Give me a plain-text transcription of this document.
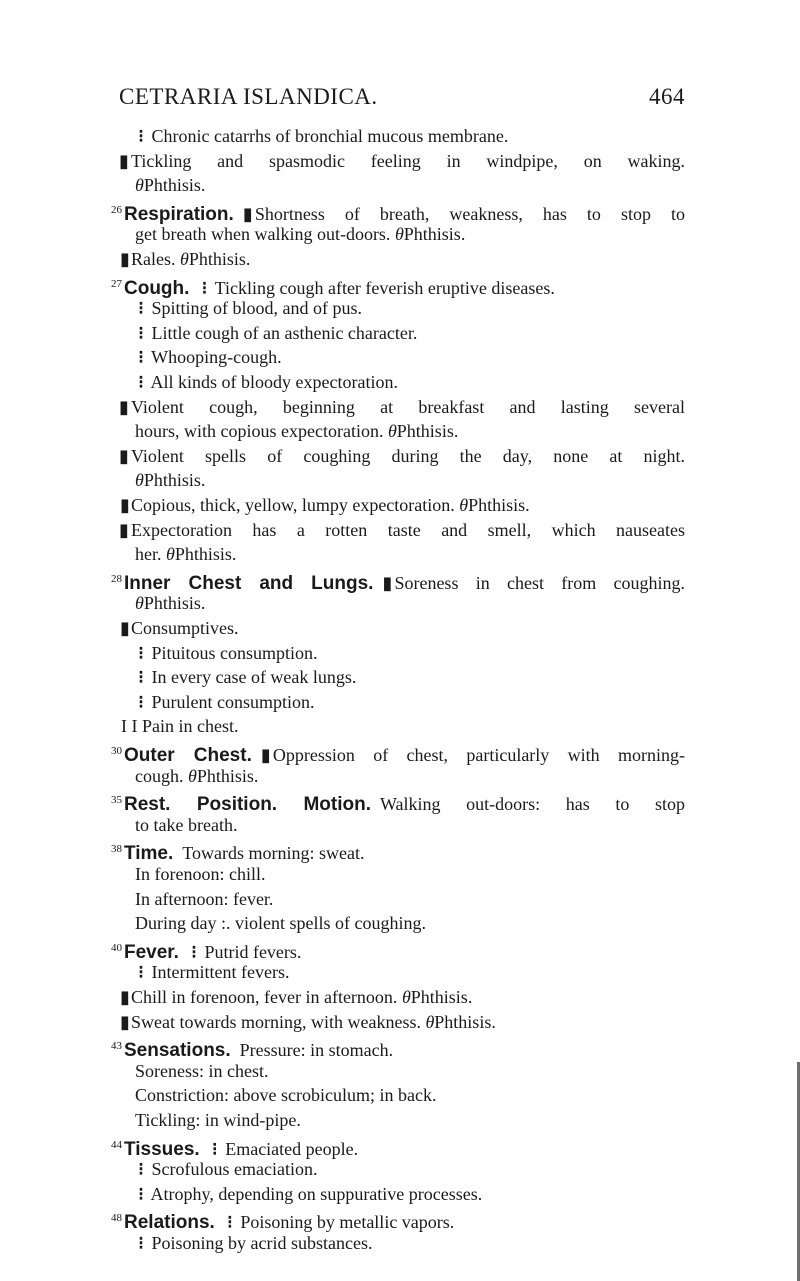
CETRARIA ISLANDICA.	464
⁝ Chronic catarrhs of bronchial mucous membrane.
▮ Tickling and spasmodic feeling in windpipe, on waking.
θPhthisis.
$^{26}$ Respiration.  ▮ Shortness of breath, weakness, has to stop to
get breath when walking out-doors. θPhthisis.
▮Rales. θPhthisis.
$^{27}$ Cough.  ⁝ Tickling cough after feverish eruptive diseases.
⁝ Spitting of blood, and of pus.
⁝ Little cough of an asthenic character.
⁝ Whooping-cough.
⁝ All kinds of bloody expectoration.
▮ Violent cough, beginning at breakfast and lasting several
hours, with copious expectoration. θPhthisis.
▮ Violent spells of coughing during the day, none at night.
θPhthisis.
▮Copious, thick, yellow, lumpy expectoration. θPhthisis.
▮ Expectoration has a rotten taste and smell, which nauseates
her. θPhthisis.
$^{28}$ Inner Chest and Lungs.  ▮ Soreness in chest from coughing.
θPhthisis.
▮Consumptives.
⁝ Pituitous consumption.
⁝ In every case of weak lungs.
⁝ Purulent consumption.
I I Pain in chest.
$^{30}$ Outer Chest.  ▮ Oppression of chest, particularly with morning-
cough. θPhthisis.
$^{35}$ Rest. Position. Motion.  Walking out-doors: has to stop
to take breath.
$^{38}$ Time.  Towards morning: sweat.
In forenoon: chill.
In afternoon: fever.
During day :. violent spells of coughing.
$^{40}$ Fever.  ⁝ Putrid fevers.
⁝ Intermittent fevers.
▮Chill in forenoon, fever in afternoon. θPhthisis.
▮Sweat towards morning, with weakness. θPhthisis.
$^{43}$ Sensations.  Pressure: in stomach.
Soreness: in chest.
Constriction: above scrobiculum; in back.
Tickling: in wind-pipe.
$^{44}$ Tissues.  ⁝ Emaciated people.
⁝ Scrofulous emaciation.
⁝ Atrophy, depending on suppurative processes.
$^{48}$ Relations.  ⁝ Poisoning by metallic vapors.
⁝ Poisoning by acrid substances.
